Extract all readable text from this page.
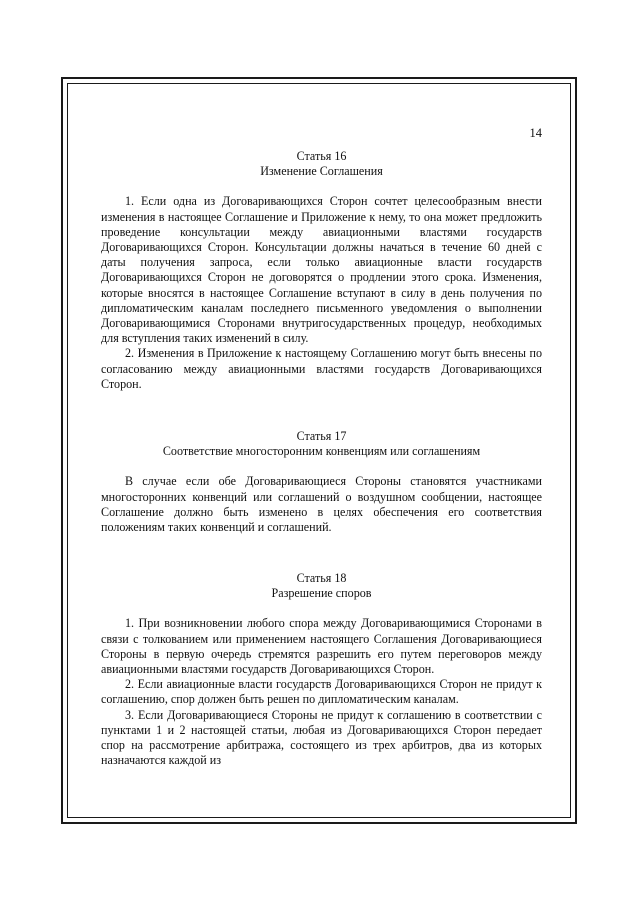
14
Статья 16
Изменение Соглашения

1. Если одна из Договаривающихся Сторон сочтет целесообразным внести изменения в настоящее Соглашение и Приложение к нему, то она может предложить проведение консультации между авиационными властями государств Договаривающихся Сторон. Консультации должны начаться в течение 60 дней с даты получения запроса, если только авиационные власти государств Договаривающихся Сторон не договорятся о продлении этого срока. Изменения, которые вносятся в настоящее Соглашение вступают в силу в день получения по дипломатическим каналам последнего письменного уведомления о выполнении Договаривающимися Сторонами внутригосударственных процедур, необходимых для вступления таких изменений в силу.

2. Изменения в Приложение к настоящему Соглашению могут быть внесены по согласованию между авиационными властями государств Договаривающихся Сторон.

Статья 17
Соответствие многосторонним конвенциям или соглашениям

В случае если обе Договаривающиеся Стороны становятся участниками многосторонних конвенций или соглашений о воздушном сообщении, настоящее Соглашение должно быть изменено в целях обеспечения его соответствия положениям таких конвенций и соглашений.

Статья 18
Разрешение споров

1. При возникновении любого спора между Договаривающимися Сторонами в связи с толкованием или применением настоящего Соглашения Договаривающиеся Стороны в первую очередь стремятся разрешить его путем переговоров между авиационными властями государств Договаривающихся Сторон.

2. Если авиационные власти государств Договаривающихся Сторон не придут к соглашению, спор должен быть решен по дипломатическим каналам.

3. Если Договаривающиеся Стороны не придут к соглашению в соответствии с пунктами 1 и 2 настоящей статьи, любая из Договаривающихся Сторон передает спор на рассмотрение арбитража, состоящего из трех арбитров, два из которых назначаются каждой из
